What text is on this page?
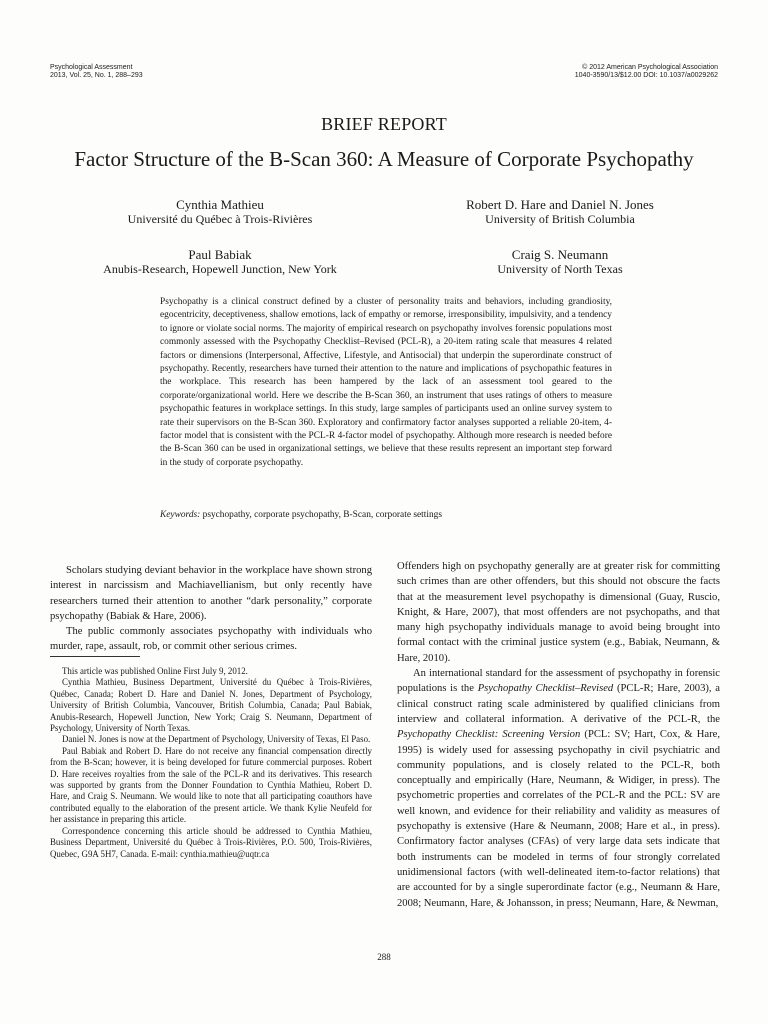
Psychological Assessment
2013, Vol. 25, No. 1, 288–293
© 2012 American Psychological Association
1040-3590/13/$12.00 DOI: 10.1037/a0029262
BRIEF REPORT
Factor Structure of the B-Scan 360: A Measure of Corporate Psychopathy
Cynthia Mathieu
Université du Québec à Trois-Rivières
Robert D. Hare and Daniel N. Jones
University of British Columbia
Paul Babiak
Anubis-Research, Hopewell Junction, New York
Craig S. Neumann
University of North Texas
Psychopathy is a clinical construct defined by a cluster of personality traits and behaviors, including grandiosity, egocentricity, deceptiveness, shallow emotions, lack of empathy or remorse, irresponsibility, impulsivity, and a tendency to ignore or violate social norms. The majority of empirical research on psychopathy involves forensic populations most commonly assessed with the Psychopathy Checklist–Revised (PCL-R), a 20-item rating scale that measures 4 related factors or dimensions (Interpersonal, Affective, Lifestyle, and Antisocial) that underpin the superordinate construct of psychopathy. Recently, researchers have turned their attention to the nature and implications of psychopathic features in the workplace. This research has been hampered by the lack of an assessment tool geared to the corporate/organizational world. Here we describe the B-Scan 360, an instrument that uses ratings of others to measure psychopathic features in workplace settings. In this study, large samples of participants used an online survey system to rate their supervisors on the B-Scan 360. Exploratory and confirmatory factor analyses supported a reliable 20-item, 4-factor model that is consistent with the PCL-R 4-factor model of psychopathy. Although more research is needed before the B-Scan 360 can be used in organizational settings, we believe that these results represent an important step forward in the study of corporate psychopathy.
Keywords: psychopathy, corporate psychopathy, B-Scan, corporate settings

Scholars studying deviant behavior in the workplace have shown strong interest in narcissism and Machiavellianism, but only recently have researchers turned their attention to another “dark personality,” corporate psychopathy (Babiak & Hare, 2006).

The public commonly associates psychopathy with individuals who murder, rape, assault, rob, or commit other serious crimes.

This article was published Online First July 9, 2012.

Cynthia Mathieu, Business Department, Université du Québec à Trois-Rivières, Québec, Canada; Robert D. Hare and Daniel N. Jones, Department of Psychology, University of British Columbia, Vancouver, British Columbia, Canada; Paul Babiak, Anubis-Research, Hopewell Junction, New York; Craig S. Neumann, Department of Psychology, University of North Texas.

Daniel N. Jones is now at the Department of Psychology, University of Texas, El Paso.

Paul Babiak and Robert D. Hare do not receive any financial compensation directly from the B-Scan; however, it is being developed for future commercial purposes. Robert D. Hare receives royalties from the sale of the PCL-R and its derivatives. This research was supported by grants from the Donner Foundation to Cynthia Mathieu, Robert D. Hare, and Craig S. Neumann. We would like to note that all participating coauthors have contributed equally to the elaboration of the present article. We thank Kylie Neufeld for her assistance in preparing this article.

Correspondence concerning this article should be addressed to Cynthia Mathieu, Business Department, Université du Québec à Trois-Rivières, P.O. 500, Trois-Rivières, Quebec, G9A 5H7, Canada. E-mail: cynthia.mathieu@uqtr.ca

Offenders high on psychopathy generally are at greater risk for committing such crimes than are other offenders, but this should not obscure the facts that at the measurement level psychopathy is dimensional (Guay, Ruscio, Knight, & Hare, 2007), that most offenders are not psychopaths, and that many high psychopathy individuals manage to avoid being brought into formal contact with the criminal justice system (e.g., Babiak, Neumann, & Hare, 2010).

An international standard for the assessment of psychopathy in forensic populations is the Psychopathy Checklist–Revised (PCL-R; Hare, 2003), a clinical construct rating scale administered by qualified clinicians from interview and collateral information. A derivative of the PCL-R, the Psychopathy Checklist: Screening Version (PCL: SV; Hart, Cox, & Hare, 1995) is widely used for assessing psychopathy in civil psychiatric and community populations, and is closely related to the PCL-R, both conceptually and empirically (Hare, Neumann, & Widiger, in press). The psychometric properties and correlates of the PCL-R and the PCL: SV are well known, and evidence for their reliability and validity as measures of psychopathy is extensive (Hare & Neumann, 2008; Hare et al., in press). Confirmatory factor analyses (CFAs) of very large data sets indicate that both instruments can be modeled in terms of four strongly correlated unidimensional factors (with well-delineated item-to-factor relations) that are accounted for by a single superordinate factor (e.g., Neumann & Hare, 2008; Neumann, Hare, & Johansson, in press; Neumann, Hare, & Newman,

288
